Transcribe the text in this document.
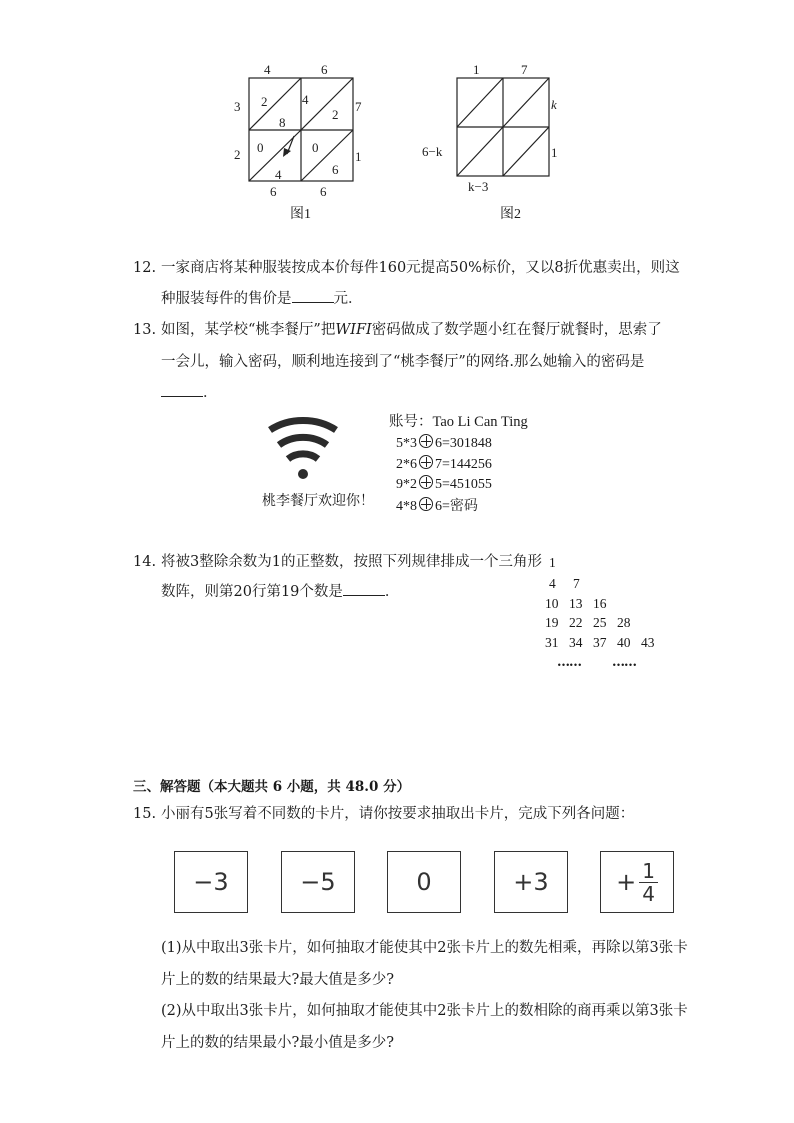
4	6
3
2
7
1
6	6
2
8
4
2
0
4
0
6
图1
1	7
k
1
6−k
k−3
图2
12. 一家商店将某种服装按成本价每件160元提高50%标价，又以8折优惠卖出，则这
种服装每件的售价是	元．
13. 如图，某学校“桃李餐厅”把WIFI密码做成了数学题小红在餐厅就餐时，思索了
一会儿，输入密码，顺利地连接到了“桃李餐厅”的网络.那么她输入的密码是
．
桃李餐厅欢迎你！
账号：Tao Li Can Ting
5*3 6=301848
2*6 7=144256
9*2 5=451055
4*8 6=密码
14. 将被3整除余数为1的正整数，按照下列规律排成一个三角形
数阵，则第20行第19个数是	．
1
4 7
10 13 16
19 22 25 28
31 34 37 40 43
…… ……
三、解答题（本大题共 6 小题，共 48.0 分）
15. 小丽有5张写着不同数的卡片，请你按要求抽取出卡片，完成下列各问题：
−3	−5	0	+3	+ $\frac{1}{4}$
(1)从中取出3张卡片，如何抽取才能使其中2张卡片上的数先相乘，再除以第3张卡
片上的数的结果最大?最大值是多少?
(2)从中取出3张卡片，如何抽取才能使其中2张卡片上的数相除的商再乘以第3张卡
片上的数的结果最小?最小值是多少?
